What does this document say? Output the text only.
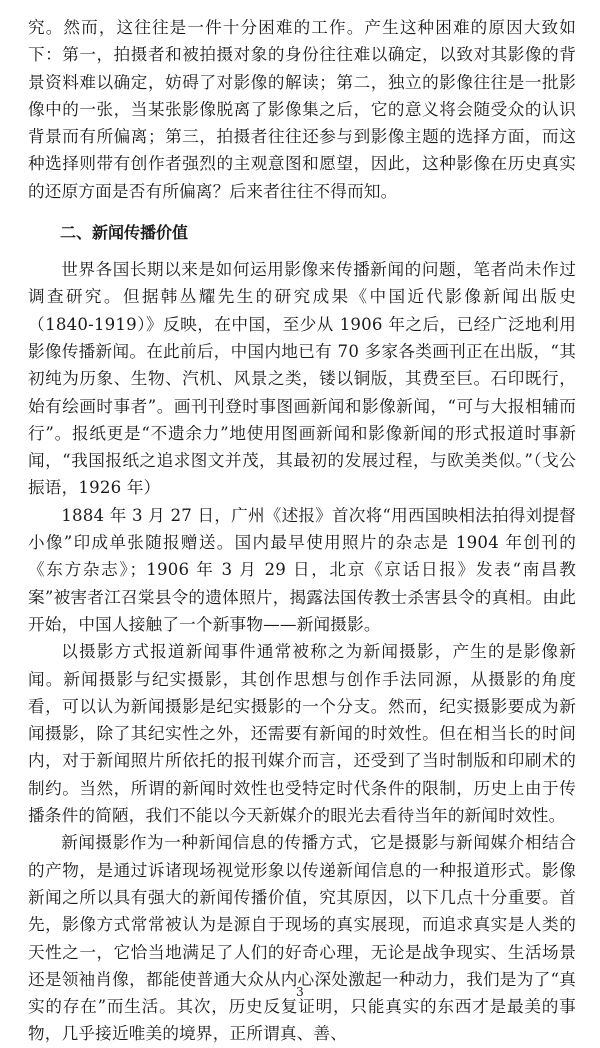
究。然而，这往往是一件十分困难的工作。产生这种困难的原因大致如下：第一，拍摄者和被拍摄对象的身份往往难以确定，以致对其影像的背景资料难以确定，妨碍了对影像的解读；第二，独立的影像往往是一批影像中的一张，当某张影像脱离了影像集之后，它的意义将会随受众的认识背景而有所偏离；第三，拍摄者往往还参与到影像主题的选择方面，而这种选择则带有创作者强烈的主观意图和愿望，因此，这种影像在历史真实的还原方面是否有所偏离？后来者往往不得而知。

二、新闻传播价值

世界各国长期以来是如何运用影像来传播新闻的问题，笔者尚未作过调查研究。但据韩丛耀先生的研究成果《中国近代影像新闻出版史（1840-1919）》反映，在中国，至少从 1906 年之后，已经广泛地利用影像传播新闻。在此前后，中国内地已有 70 多家各类画刊正在出版，“其初纯为历象、生物、汽机、风景之类，镂以铜版，其费至巨。石印既行，始有绘画时事者”。画刊刊登时事图画新闻和影像新闻，“可与大报相辅而行”。报纸更是“不遗余力”地使用图画新闻和影像新闻的形式报道时事新闻，“我国报纸之追求图文并茂，其最初的发展过程，与欧美类似。”（戈公振语，1926 年）

1884 年 3 月 27 日，广州《述报》首次将“用西国映相法拍得刘提督小像”印成单张随报赠送。国内最早使用照片的杂志是 1904 年创刊的《东方杂志》；1906 年 3 月 29 日，北京《京话日报》发表“南昌教案”被害者江召棠县令的遗体照片，揭露法国传教士杀害县令的真相。由此开始，中国人接触了一个新事物——新闻摄影。

以摄影方式报道新闻事件通常被称之为新闻摄影，产生的是影像新闻。新闻摄影与纪实摄影，其创作思想与创作手法同源，从摄影的角度看，可以认为新闻摄影是纪实摄影的一个分支。然而，纪实摄影要成为新闻摄影，除了其纪实性之外，还需要有新闻的时效性。但在相当长的时间内，对于新闻照片所依托的报刊媒介而言，还受到了当时制版和印刷术的制约。当然，所谓的新闻时效性也受特定时代条件的限制，历史上由于传播条件的简陋，我们不能以今天新媒介的眼光去看待当年的新闻时效性。

新闻摄影作为一种新闻信息的传播方式，它是摄影与新闻媒介相结合的产物，是通过诉诸现场视觉形象以传递新闻信息的一种报道形式。影像新闻之所以具有强大的新闻传播价值，究其原因，以下几点十分重要。首先，影像方式常常被认为是源自于现场的真实展现，而追求真实是人类的天性之一，它恰当地满足了人们的好奇心理，无论是战争现实、生活场景还是领袖肖像，都能使普通大众从内心深处激起一种动力，我们是为了“真实的存在”而生活。其次，历史反复证明，只能真实的东西才是最美的事物，几乎接近唯美的境界，正所谓真、善、

3
